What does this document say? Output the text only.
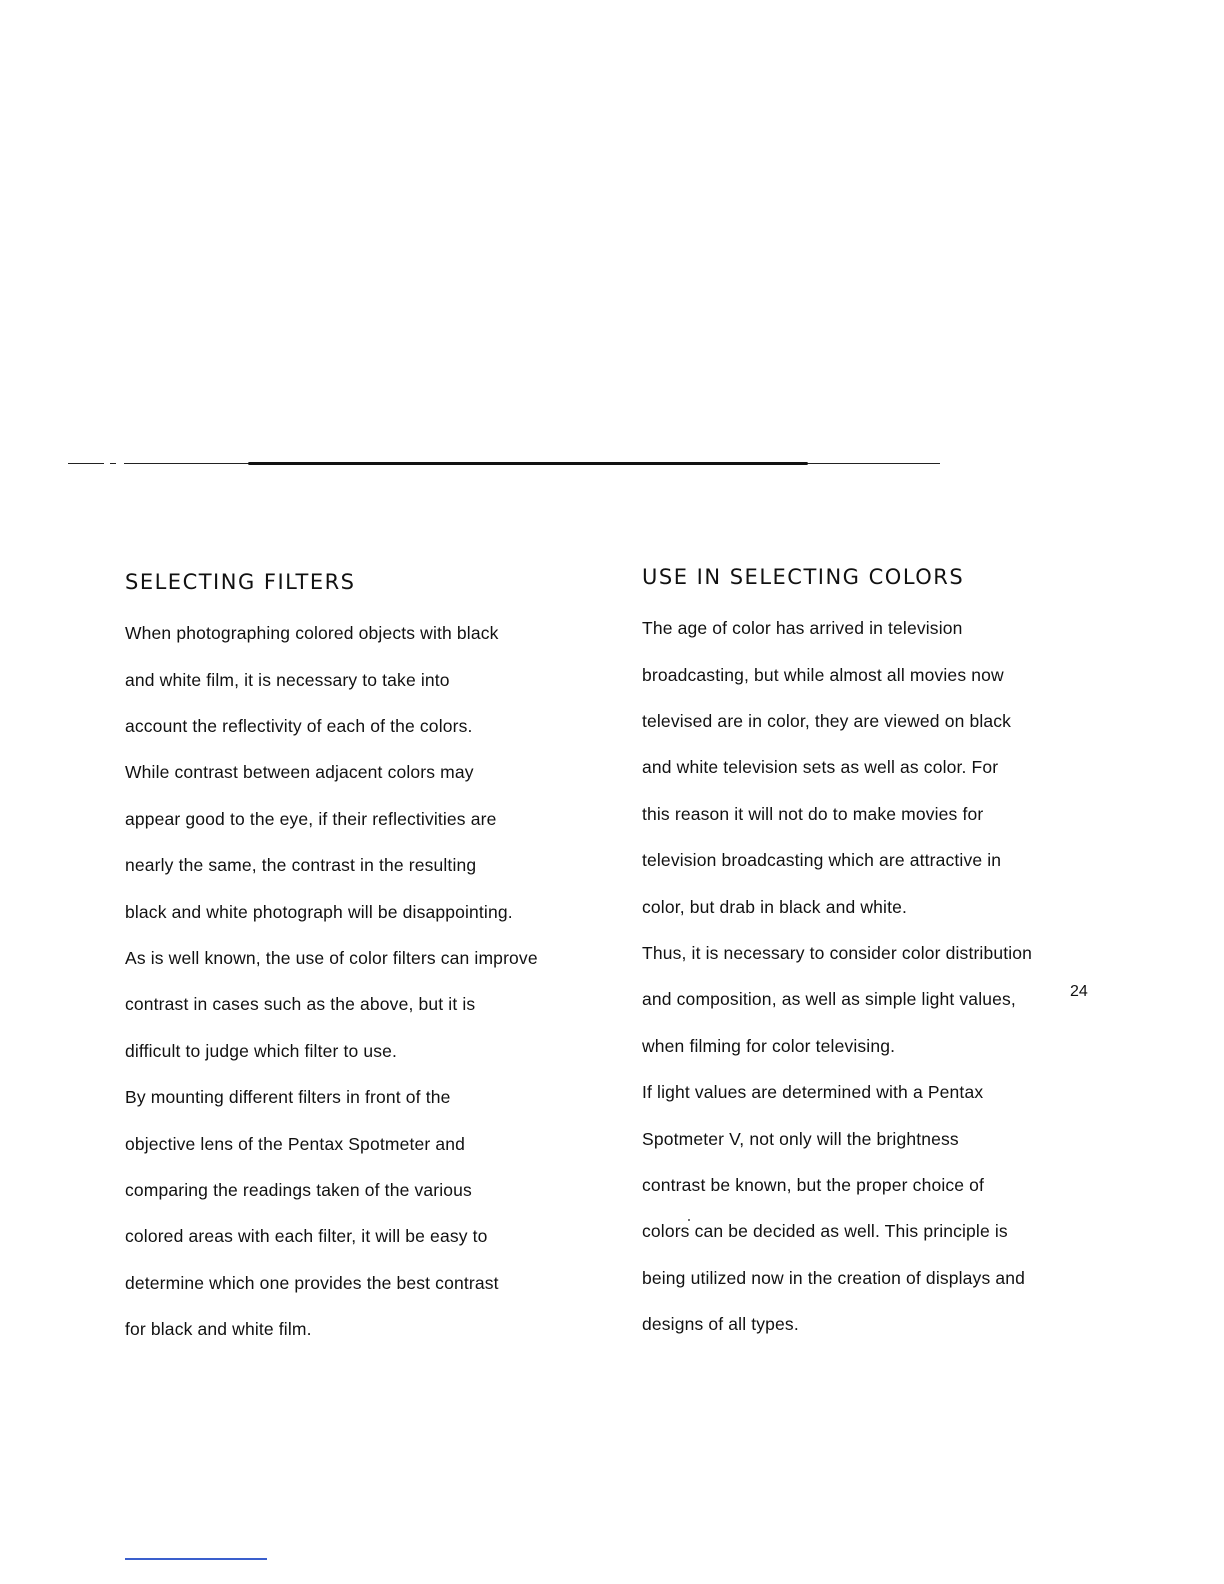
SELECTING FILTERS

When photographing colored objects with black

and white film, it is necessary to take into

account the reflectivity of each of the colors.

While contrast between adjacent colors may

appear good to the eye, if their reflectivities are

nearly the same, the contrast in the resulting

black and white photograph will be disappointing.

As is well known, the use of color filters can improve

contrast in cases such as the above, but it is

difficult to judge which filter to use.

By mounting different filters in front of the

objective lens of the Pentax Spotmeter and

comparing the readings taken of the various

colored areas with each filter, it will be easy to

determine which one provides the best contrast

for black and white film.

USE IN SELECTING COLORS

The age of color has arrived in television

broadcasting, but while almost all movies now

televised are in color, they are viewed on black

and white television sets as well as color. For

this reason it will not do to make movies for

television broadcasting which are attractive in

color, but drab in black and white.

Thus, it is necessary to consider color distribution

and composition, as well as simple light values,

when filming for color televising.

If light values are determined with a Pentax

Spotmeter V, not only will the brightness

contrast be known, but the proper choice of

colors can be decided as well. This principle is

being utilized now in the creation of displays and

designs of all types.

24
